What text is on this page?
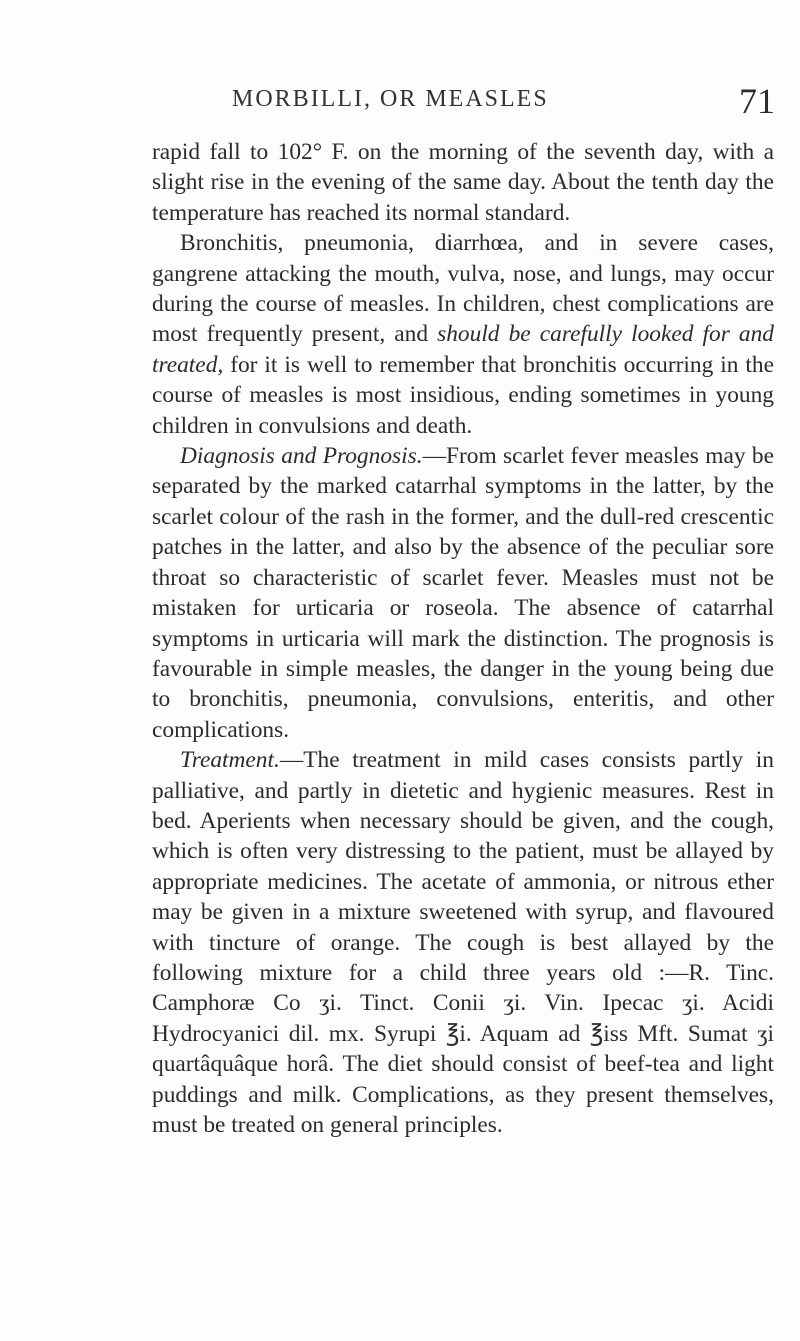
MORBILLI, OR MEASLES	71

rapid fall to 102° F. on the morning of the seventh day, with a slight rise in the evening of the same day. About the tenth day the temperature has reached its normal standard.

Bronchitis, pneumonia, diarrhœa, and in severe cases, gangrene attacking the mouth, vulva, nose, and lungs, may occur during the course of measles. In children, chest complications are most frequently present, and should be carefully looked for and treated, for it is well to remember that bronchitis occurring in the course of measles is most insidious, ending sometimes in young children in convulsions and death.

Diagnosis and Prognosis.—From scarlet fever measles may be separated by the marked catarrhal symptoms in the latter, by the scarlet colour of the rash in the former, and the dull-red crescentic patches in the latter, and also by the absence of the peculiar sore throat so characteristic of scarlet fever. Measles must not be mistaken for urticaria or roseola. The absence of catarrhal symptoms in urticaria will mark the distinction. The prognosis is favourable in simple measles, the danger in the young being due to bronchitis, pneumonia, convulsions, enteritis, and other complications.

Treatment.—The treatment in mild cases consists partly in palliative, and partly in dietetic and hygienic measures. Rest in bed. Aperients when necessary should be given, and the cough, which is often very distressing to the patient, must be allayed by appropriate medicines. The acetate of ammonia, or nitrous ether may be given in a mixture sweetened with syrup, and flavoured with tincture of orange. The cough is best allayed by the following mixture for a child three years old :—R. Tinc. Camphoræ Co ʒi. Tinct. Conii ʒi. Vin. Ipecac ʒi. Acidi Hydrocyanici dil. mx. Syrupi ℥i. Aquam ad ℥iss Mft. Sumat ʒi quartâquâque horâ. The diet should consist of beef-tea and light puddings and milk. Complications, as they present themselves, must be treated on general principles.
